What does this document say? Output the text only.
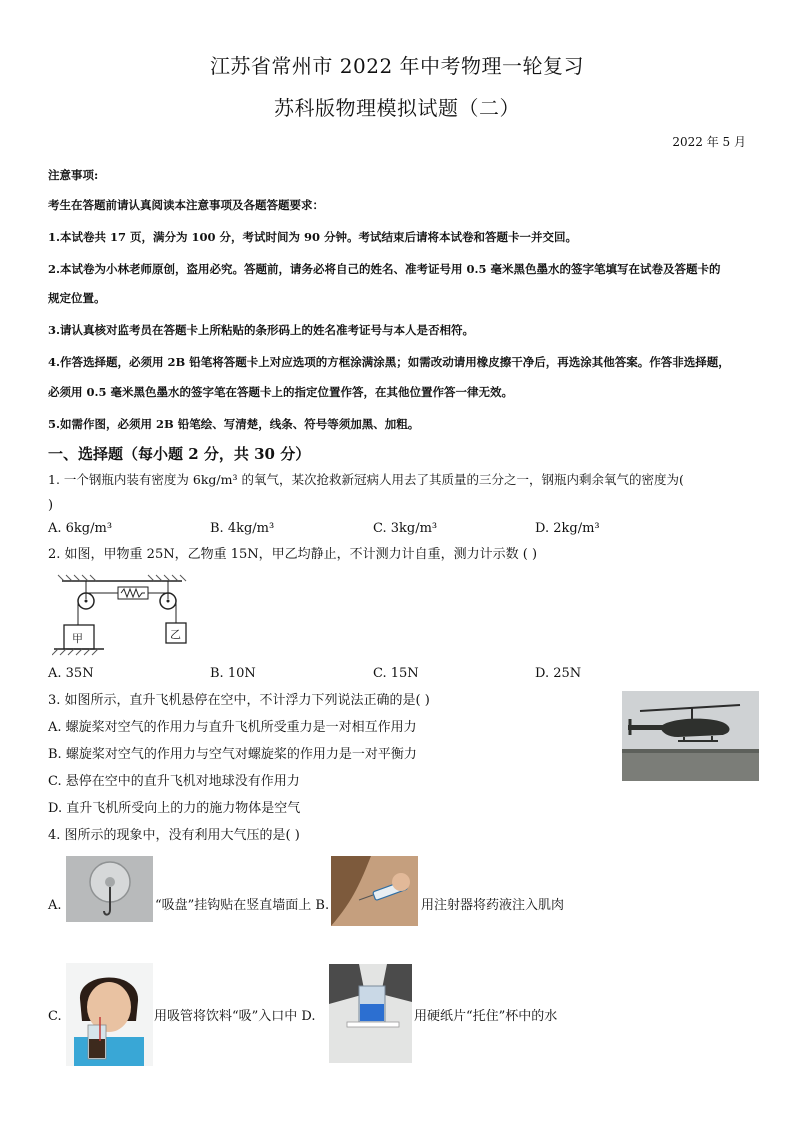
江苏省常州市 2022 年中考物理一轮复习
苏科版物理模拟试题（二）
2022 年 5 月
注意事项:
考生在答题前请认真阅读本注意事项及各题答题要求：
1.本试卷共 17 页，满分为 100 分，考试时间为 90 分钟。考试结束后请将本试卷和答题卡一并交回。
2.本试卷为小林老师原创，盗用必究。答题前，请务必将自己的姓名、准考证号用 0.5 毫米黑色墨水的签字笔填写在试卷及答题卡的
规定位置。
3.请认真核对监考员在答题卡上所粘贴的条形码上的姓名准考证号与本人是否相符。
4.作答选择题，必须用 2B 铅笔将答题卡上对应选项的方框涂满涂黑；如需改动请用橡皮擦干净后，再选涂其他答案。作答非选择题，
必须用 0.5 毫米黑色墨水的签字笔在答题卡上的指定位置作答，在其他位置作答一律无效。
5.如需作图，必须用 2B 铅笔绘、写清楚，线条、符号等须加黑、加粗。
一、选择题（每小题 2 分，共 30 分）
1. 一个钢瓶内装有密度为 6kg/m³ 的氧气，某次抢救新冠病人用去了其质量的三分之一，钢瓶内剩余氧气的密度为(
)
A. 6kg/m³	B. 4kg/m³	C. 3kg/m³	D. 2kg/m³
2. 如图，甲物重 25N，乙物重 15N，甲乙均静止，不计测力计自重，测力计示数 ( )
甲	乙
A. 35N	B. 10N	C. 15N	D. 25N
3. 如图所示，直升飞机悬停在空中，不计浮力下列说法正确的是( )
A. 螺旋桨对空气的作用力与直升飞机所受重力是一对相互作用力
B. 螺旋桨对空气的作用力与空气对螺旋桨的作用力是一对平衡力
C. 悬停在空中的直升飞机对地球没有作用力
D. 直升飞机所受向上的力的施力物体是空气
4. 图所示的现象中，没有利用大气压的是( )
A.	“吸盘”挂钩贴在竖直墙面上 B.	用注射器将药液注入肌肉
C.	用吸管将饮料“吸”入口中 D.	用硬纸片“托住”杯中的水
